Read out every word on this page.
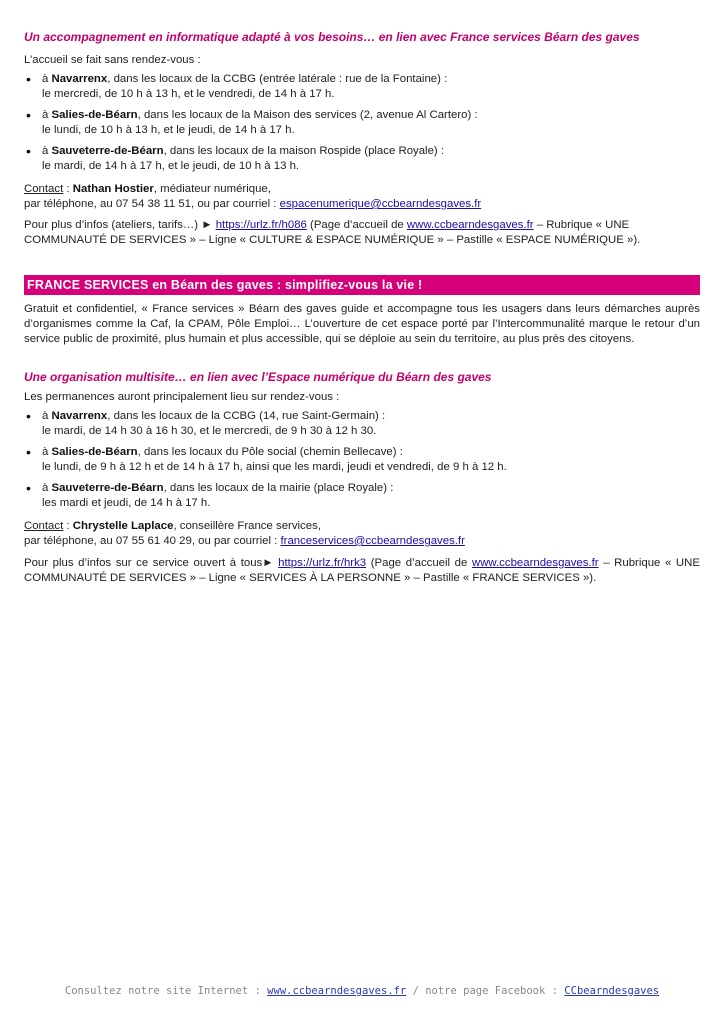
Un accompagnement en informatique adapté à vos besoins… en lien avec France services Béarn des gaves
L’accueil se fait sans rendez-vous :
• à Navarrenx, dans les locaux de la CCBG (entrée latérale : rue de la Fontaine) :
le mercredi, de 10 h à 13 h, et le vendredi, de 14 h à 17 h.
• à Salies-de-Béarn, dans les locaux de la Maison des services (2, avenue Al Cartero) :
le lundi, de 10 h à 13 h, et le jeudi, de 14 h à 17 h.
• à Sauveterre-de-Béarn, dans les locaux de la maison Rospide (place Royale) :
le mardi, de 14 h à 17 h, et le jeudi, de 10 h à 13 h.
Contact : Nathan Hostier, médiateur numérique,
par téléphone, au 07 54 38 11 51, ou par courriel : espacenumerique@ccbearndesgaves.fr
Pour plus d’infos (ateliers, tarifs…) ► https://urlz.fr/h086 (Page d’accueil de www.ccbearndesgaves.fr – Rubrique « UNE COMMUNAUTÉ DE SERVICES » – Ligne « CULTURE & ESPACE NUMÉRIQUE » – Pastille « ESPACE NUMÉRIQUE »).
FRANCE SERVICES en Béarn des gaves : simplifiez-vous la vie !
Gratuit et confidentiel, « France services » Béarn des gaves guide et accompagne tous les usagers dans leurs démarches auprès d’organismes comme la Caf, la CPAM, Pôle Emploi… L’ouverture de cet espace porté par l’Intercommunalité marque le retour d’un service public de proximité, plus humain et plus accessible, qui se déploie au sein du territoire, au plus près des citoyens.
Une organisation multisite… en lien avec l’Espace numérique du Béarn des gaves
Les permanences auront principalement lieu sur rendez-vous :
• à Navarrenx, dans les locaux de la CCBG (14, rue Saint-Germain) :
le mardi, de 14 h 30 à 16 h 30, et le mercredi, de 9 h 30 à 12 h 30.
• à Salies-de-Béarn, dans les locaux du Pôle social (chemin Bellecave) :
le lundi, de 9 h à 12 h et de 14 h à 17 h, ainsi que les mardi, jeudi et vendredi, de 9 h à 12 h.
• à Sauveterre-de-Béarn, dans les locaux de la mairie (place Royale) :
les mardi et jeudi, de 14 h à 17 h.
Contact : Chrystelle Laplace, conseillère France services,
par téléphone, au 07 55 61 40 29, ou par courriel : franceservices@ccbearndesgaves.fr
Pour plus d’infos sur ce service ouvert à tous► https://urlz.fr/hrk3 (Page d’accueil de www.ccbearndesgaves.fr – Rubrique « UNE COMMUNAUTÉ DE SERVICES » – Ligne « SERVICES À LA PERSONNE » – Pastille « FRANCE SERVICES »).
Consultez notre site Internet : www.ccbearndesgaves.fr / notre page Facebook : CCbearndesgaves
